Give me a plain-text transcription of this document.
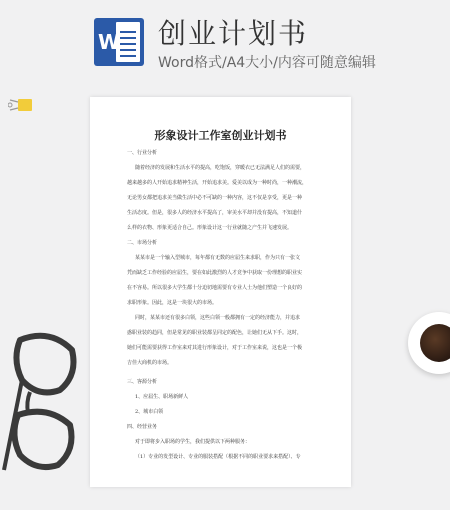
W 创业计划书
Word格式/A4大小/内容可随意编辑
形象设计工作室创业计划书
一、行业分析
随着经济的发展和生活水平的提高，吃饱饭，穿暖衣已无法满足人们的需要，
越来越多的人开始追求精神生活，开始追求美。爱美以成为一种时尚，一种潮流，
无论男女都把追求美当做生活中必不可缺的一种内容，这不仅是享受，更是一种
生活态度。但是，很多人的经济水平提高了，审美水平却并没有提高，不知道什
么样的衣物、形象更适合自己。形象设计这一行业就随之产生并飞速发展。
二、市场分析
某某市是一个输入型城市，每年都有无数的应届生来求职，作为只有一张文
凭而缺乏工作经验的应届生，要在如此激烈的人才竞争中获取一份理想的职业实
在不容易。所以很多大学生都十分迫切地需要有专业人士为他们塑造一个良好的
求职形象。因此，这是一块很大的市场。
同时，某某市还有很多白领，这些白领一般都拥有一定的经济能力，并追求
惑职业装的趋同，但是常见的职业装都呈同定的配色，让她们无从下手。这时，
她们可能需要获得工作室来对其进行形象设计，对于工作室来说，这也是一个极
吉佳大商机的市场。
三、客源分析
1、应届生、职场新鲜人
2、城市白领
四、经营业务
对于即将步入职场的学生，我们提供以下两种服务：
（1）专业的发型设计、专业的服装搭配（根据不同的职业要求来搭配）、专
